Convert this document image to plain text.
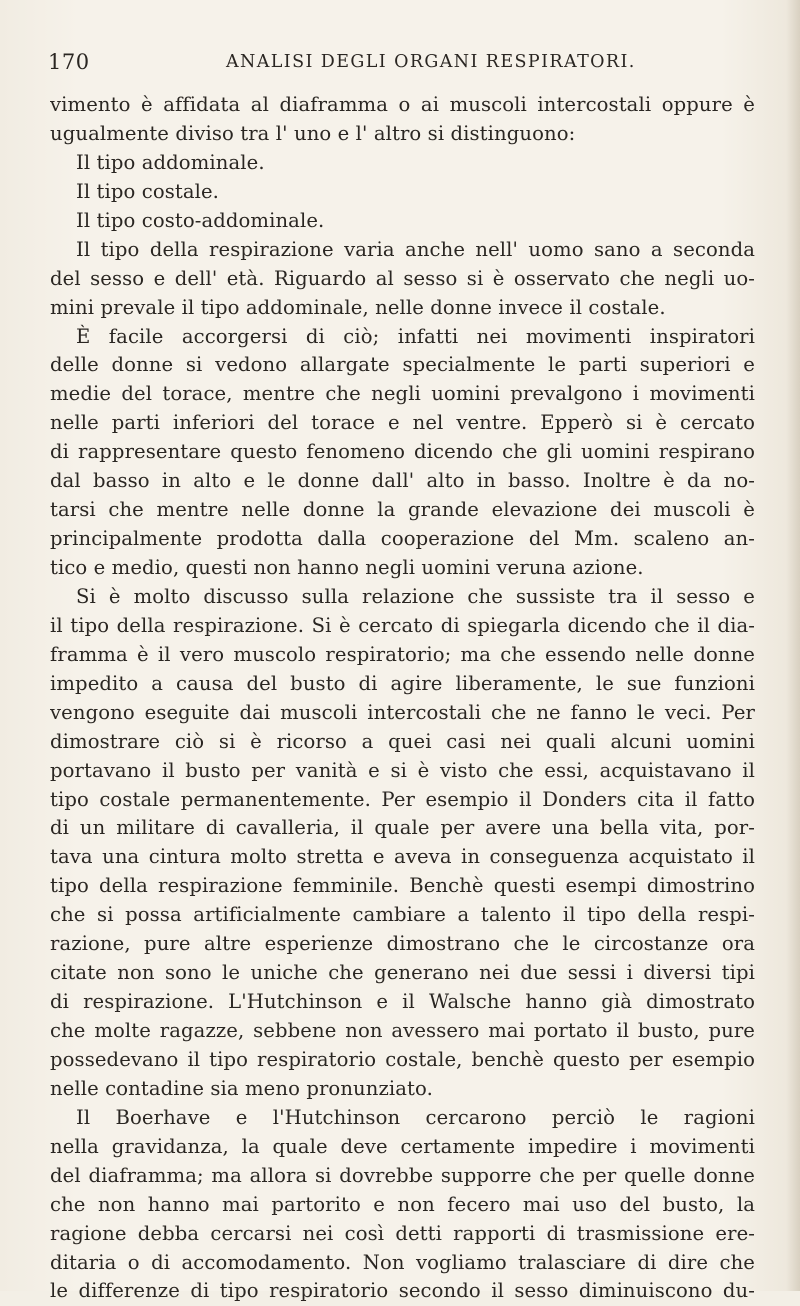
170	ANALISI DEGLI ORGANI RESPIRATORI.
vimento è affidata al diaframma o ai muscoli intercostali oppure è
ugualmente diviso tra l' uno e l' altro si distinguono:
Il tipo addominale.
Il tipo costale.
Il tipo costo-addominale.
Il tipo della respirazione varia anche nell' uomo sano a seconda
del sesso e dell' età. Riguardo al sesso si è osservato che negli uo-
mini prevale il tipo addominale, nelle donne invece il costale.
È facile accorgersi di ciò; infatti nei movimenti inspiratori
delle donne si vedono allargate specialmente le parti superiori e
medie del torace, mentre che negli uomini prevalgono i movimenti
nelle parti inferiori del torace e nel ventre. Epperò si è cercato
di rappresentare questo fenomeno dicendo che gli uomini respirano
dal basso in alto e le donne dall' alto in basso. Inoltre è da no-
tarsi che mentre nelle donne la grande elevazione dei muscoli è
principalmente prodotta dalla cooperazione del Mm. scaleno an-
tico e medio, questi non hanno negli uomini veruna azione.
Si è molto discusso sulla relazione che sussiste tra il sesso e
il tipo della respirazione. Si è cercato di spiegarla dicendo che il dia-
framma è il vero muscolo respiratorio; ma che essendo nelle donne
impedito a causa del busto di agire liberamente, le sue funzioni
vengono eseguite dai muscoli intercostali che ne fanno le veci. Per
dimostrare ciò si è ricorso a quei casi nei quali alcuni uomini
portavano il busto per vanità e si è visto che essi, acquistavano il
tipo costale permanentemente. Per esempio il Donders cita il fatto
di un militare di cavalleria, il quale per avere una bella vita, por-
tava una cintura molto stretta e aveva in conseguenza acquistato il
tipo della respirazione femminile. Benchè questi esempi dimostrino
che si possa artificialmente cambiare a talento il tipo della respi-
razione, pure altre esperienze dimostrano che le circostanze ora
citate non sono le uniche che generano nei due sessi i diversi tipi
di respirazione. L'Hutchinson e il Walsche hanno già dimostrato
che molte ragazze, sebbene non avessero mai portato il busto, pure
possedevano il tipo respiratorio costale, benchè questo per esempio
nelle contadine sia meno pronunziato.
Il Boerhave e l'Hutchinson cercarono perciò le ragioni
nella gravidanza, la quale deve certamente impedire i movimenti
del diaframma; ma allora si dovrebbe supporre che per quelle donne
che non hanno mai partorito e non fecero mai uso del busto, la
ragione debba cercarsi nei così detti rapporti di trasmissione ere-
ditaria o di accomodamento. Non vogliamo tralasciare di dire che
le differenze di tipo respiratorio secondo il sesso diminuiscono du-
